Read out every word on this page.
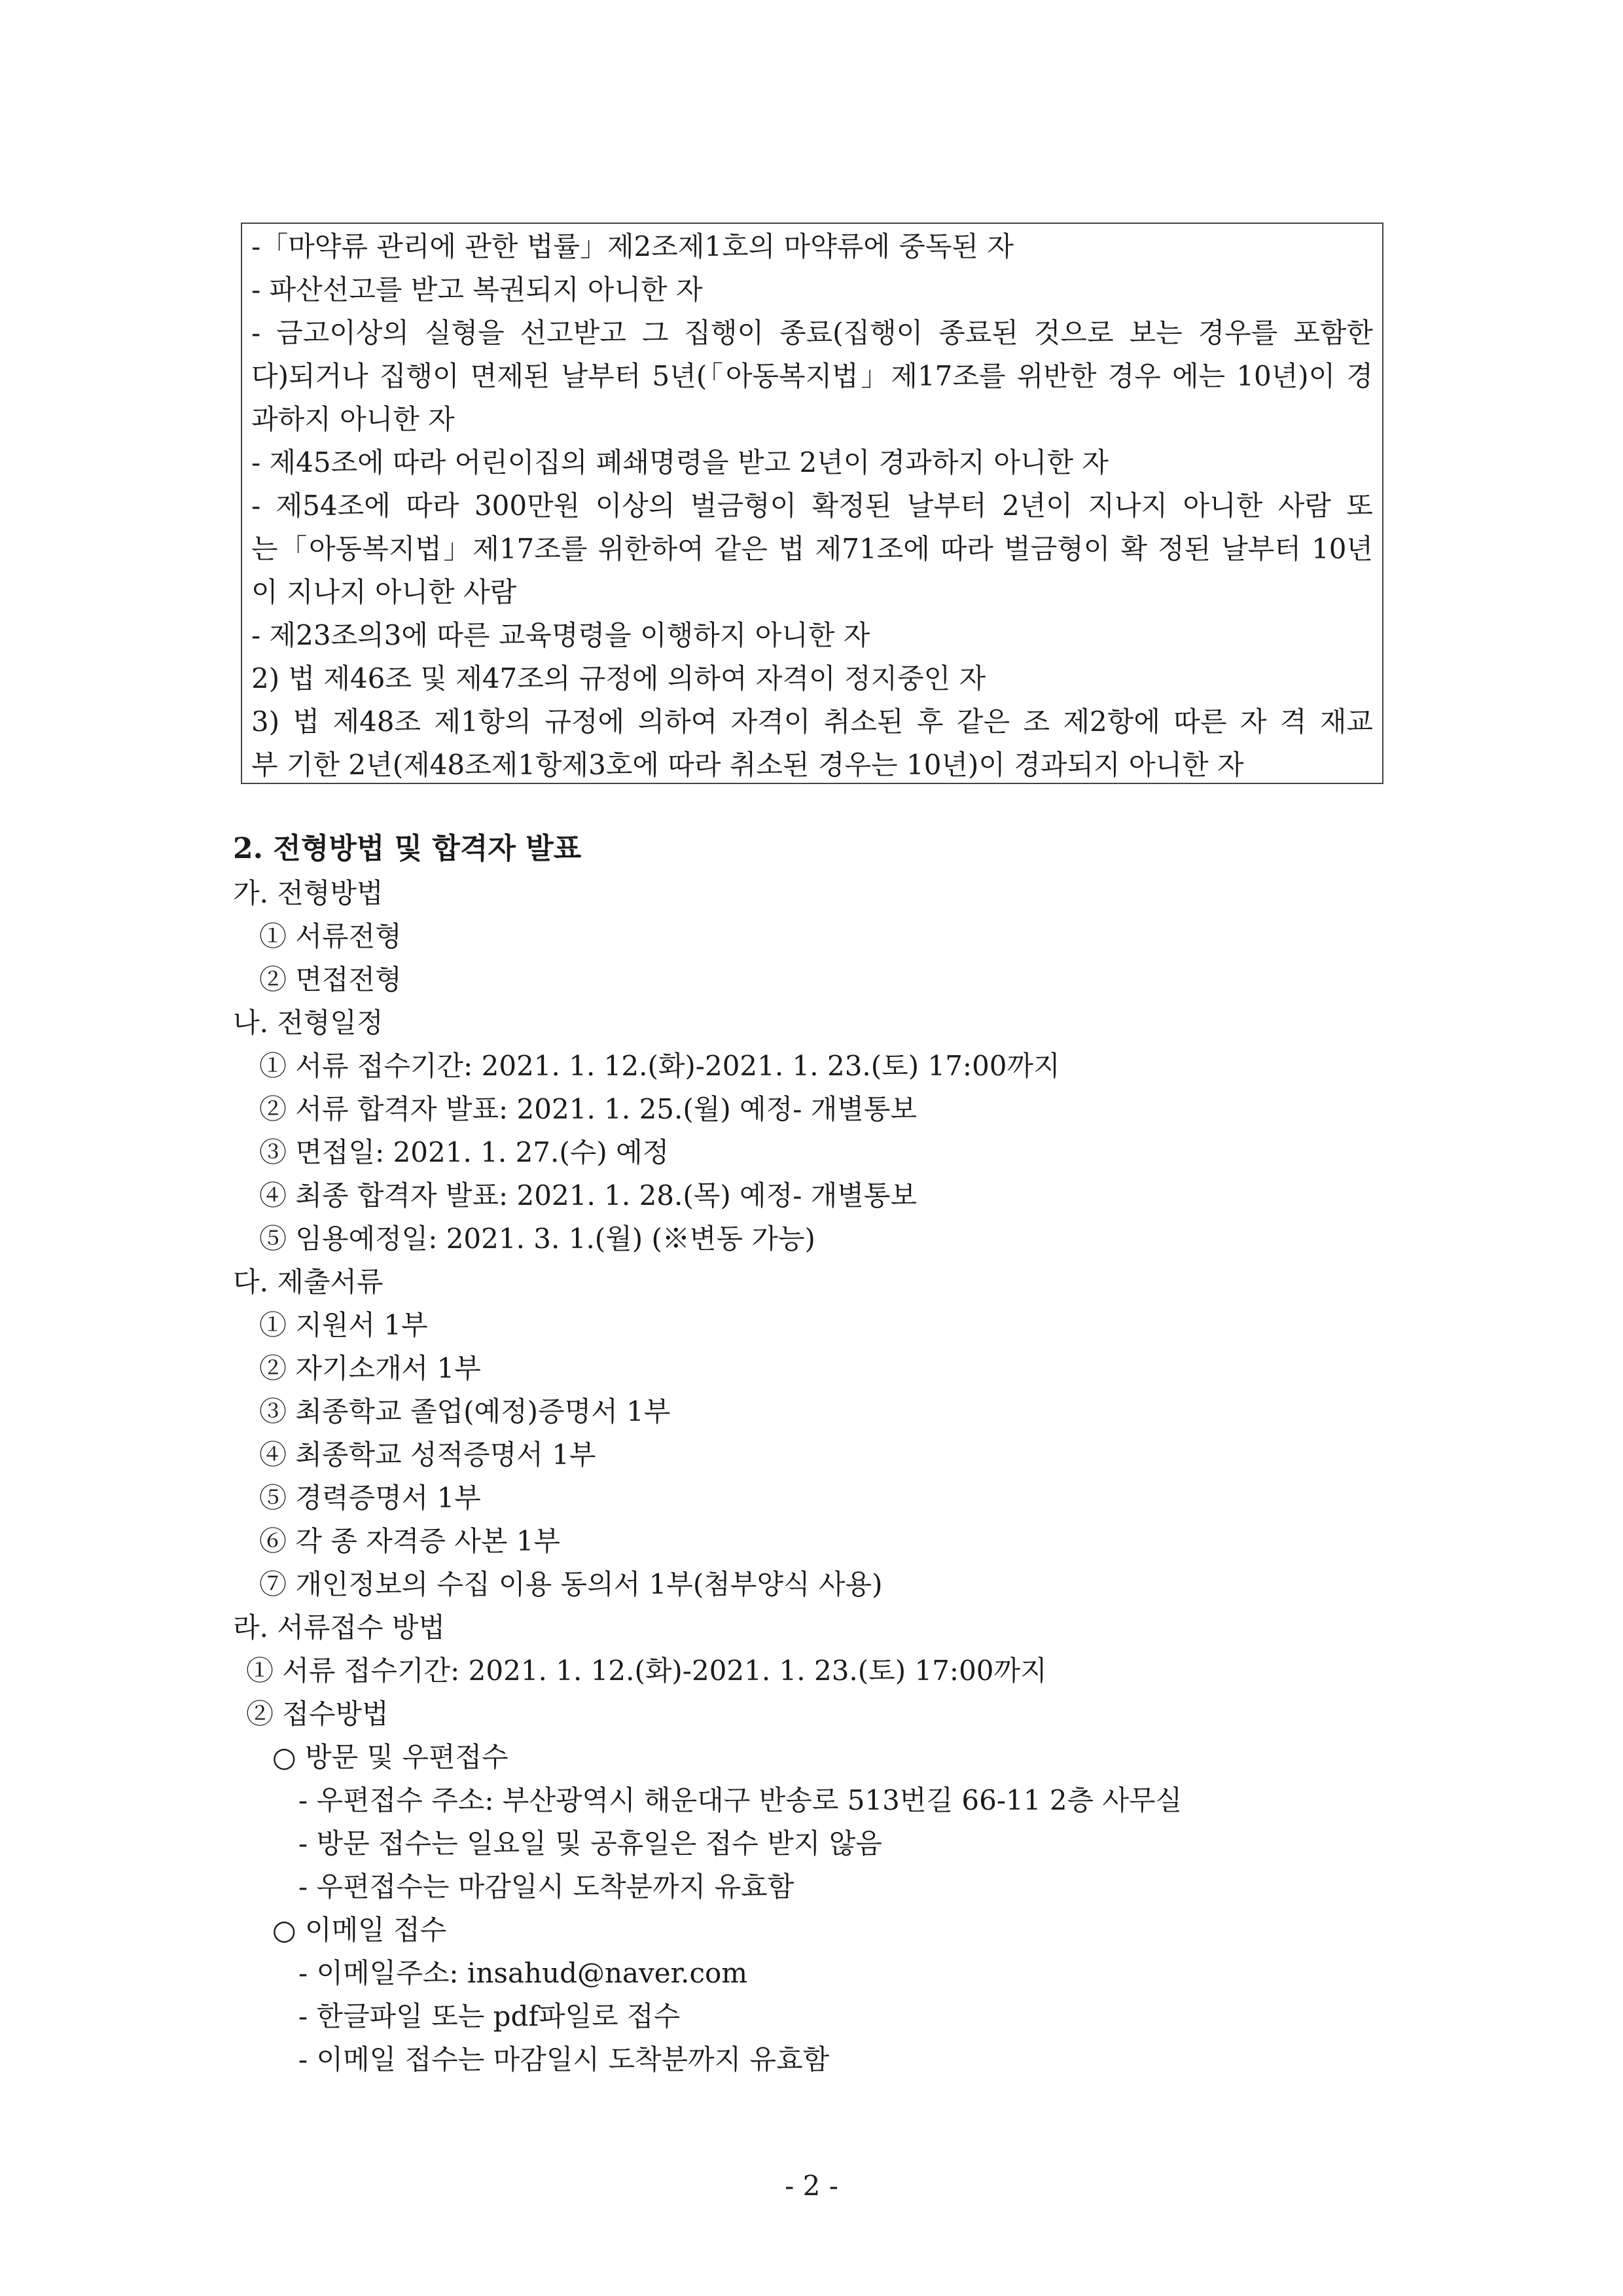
-「마약류 관리에 관한 법률」제2조제1호의 마약류에 중독된 자
- 파산선고를 받고 복권되지 아니한 자
- 금고이상의 실형을 선고받고 그 집행이 종료(집행이 종료된 것으로 보는 경우를 포함한
다)되거나 집행이 면제된 날부터 5년(「아동복지법」제17조를 위반한 경우 에는 10년)이 경
과하지 아니한 자
- 제45조에 따라 어린이집의 폐쇄명령을 받고 2년이 경과하지 아니한 자
- 제54조에 따라 300만원 이상의 벌금형이 확정된 날부터 2년이 지나지 아니한 사람 또
는「아동복지법」제17조를 위한하여 같은 법 제71조에 따라 벌금형이 확 정된 날부터 10년
이 지나지 아니한 사람
- 제23조의3에 따른 교육명령을 이행하지 아니한 자
2) 법 제46조 및 제47조의 규정에 의하여 자격이 정지중인 자
3) 법 제48조 제1항의 규정에 의하여 자격이 취소된 후 같은 조 제2항에 따른 자 격 재교
부 기한 2년(제48조제1항제3호에 따라 취소된 경우는 10년)이 경과되지 아니한 자
2. 전형방법 및 합격자 발표
가. 전형방법
① 서류전형
② 면접전형
나. 전형일정
① 서류 접수기간: 2021. 1. 12.(화)-2021. 1. 23.(토) 17:00까지
② 서류 합격자 발표: 2021. 1. 25.(월) 예정- 개별통보
③ 면접일: 2021. 1. 27.(수) 예정
④ 최종 합격자 발표: 2021. 1. 28.(목) 예정- 개별통보
⑤ 임용예정일: 2021. 3. 1.(월) (※변동 가능)
다. 제출서류
① 지원서 1부
② 자기소개서 1부
③ 최종학교 졸업(예정)증명서 1부
④ 최종학교 성적증명서 1부
⑤ 경력증명서 1부
⑥ 각 종 자격증 사본 1부
⑦ 개인정보의 수집 이용 동의서 1부(첨부양식 사용)
라. 서류접수 방법
① 서류 접수기간: 2021. 1. 12.(화)-2021. 1. 23.(토) 17:00까지
② 접수방법
○ 방문 및 우편접수
- 우편접수 주소: 부산광역시 해운대구 반송로 513번길 66-11 2층 사무실
- 방문 접수는 일요일 및 공휴일은 접수 받지 않음
- 우편접수는 마감일시 도착분까지 유효함
○ 이메일 접수
- 이메일주소: insahud@naver.com
- 한글파일 또는 pdf파일로 접수
- 이메일 접수는 마감일시 도착분까지 유효함
- 2 -
